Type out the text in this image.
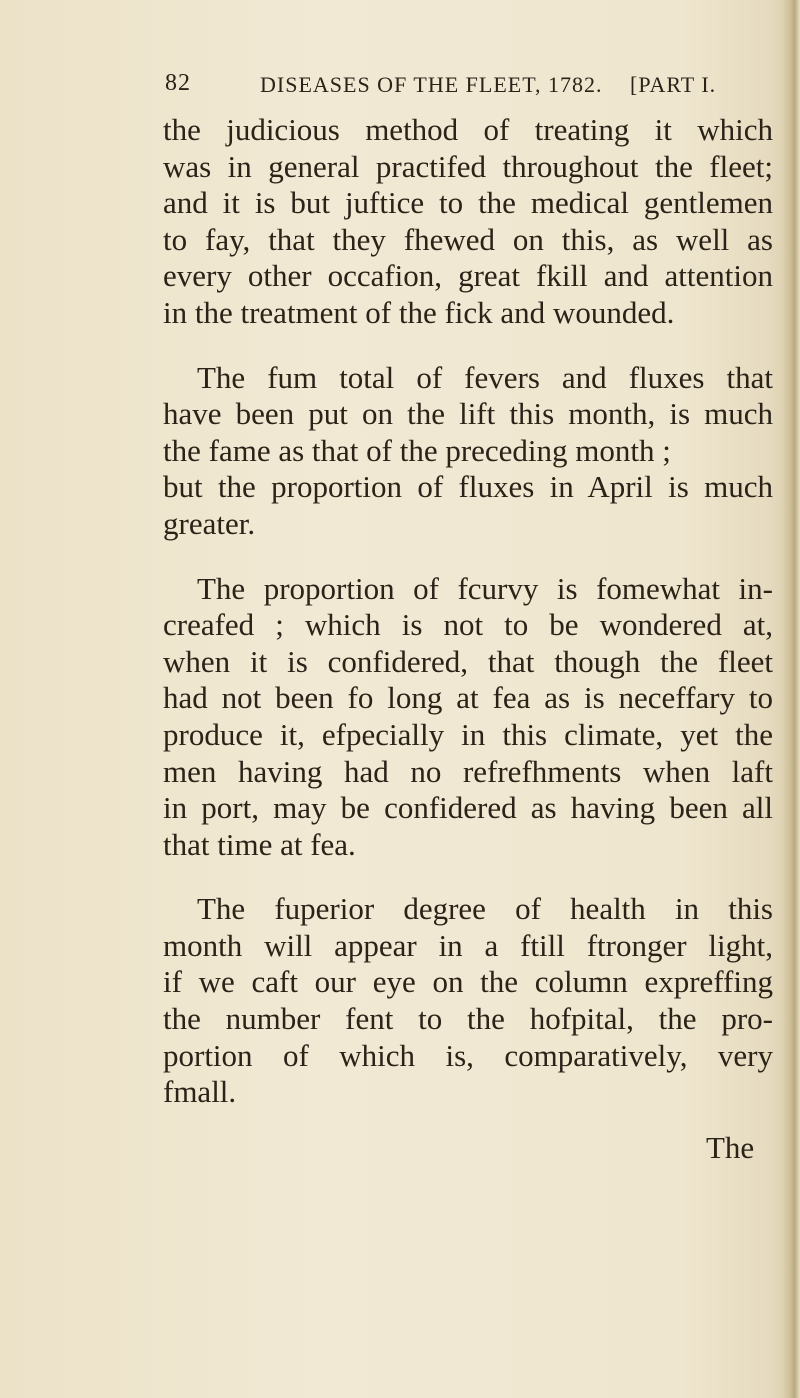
82	DISEASES OF THE FLEET, 1782. [PART I.
the judicious method of treating it which
was in general practifed throughout the fleet;
and it is but juftice to the medical gentlemen
to fay, that they fhewed on this, as well as
every other occafion, great fkill and attention
in the treatment of the fick and wounded.
The fum total of fevers and fluxes that
have been put on the lift this month, is much
the fame as that of the preceding month ;
but the proportion of fluxes in April is much
greater.
The proportion of fcurvy is fomewhat in-
creafed ; which is not to be wondered at,
when it is confidered, that though the fleet
had not been fo long at fea as is neceffary to
produce it, efpecially in this climate, yet the
men having had no refrefhments when laft
in port, may be confidered as having been all
that time at fea.
The fuperior degree of health in this
month will appear in a ftill ftronger light,
if we caft our eye on the column expreffing
the number fent to the hofpital, the pro-
portion of which is, comparatively, very
fmall.
The
